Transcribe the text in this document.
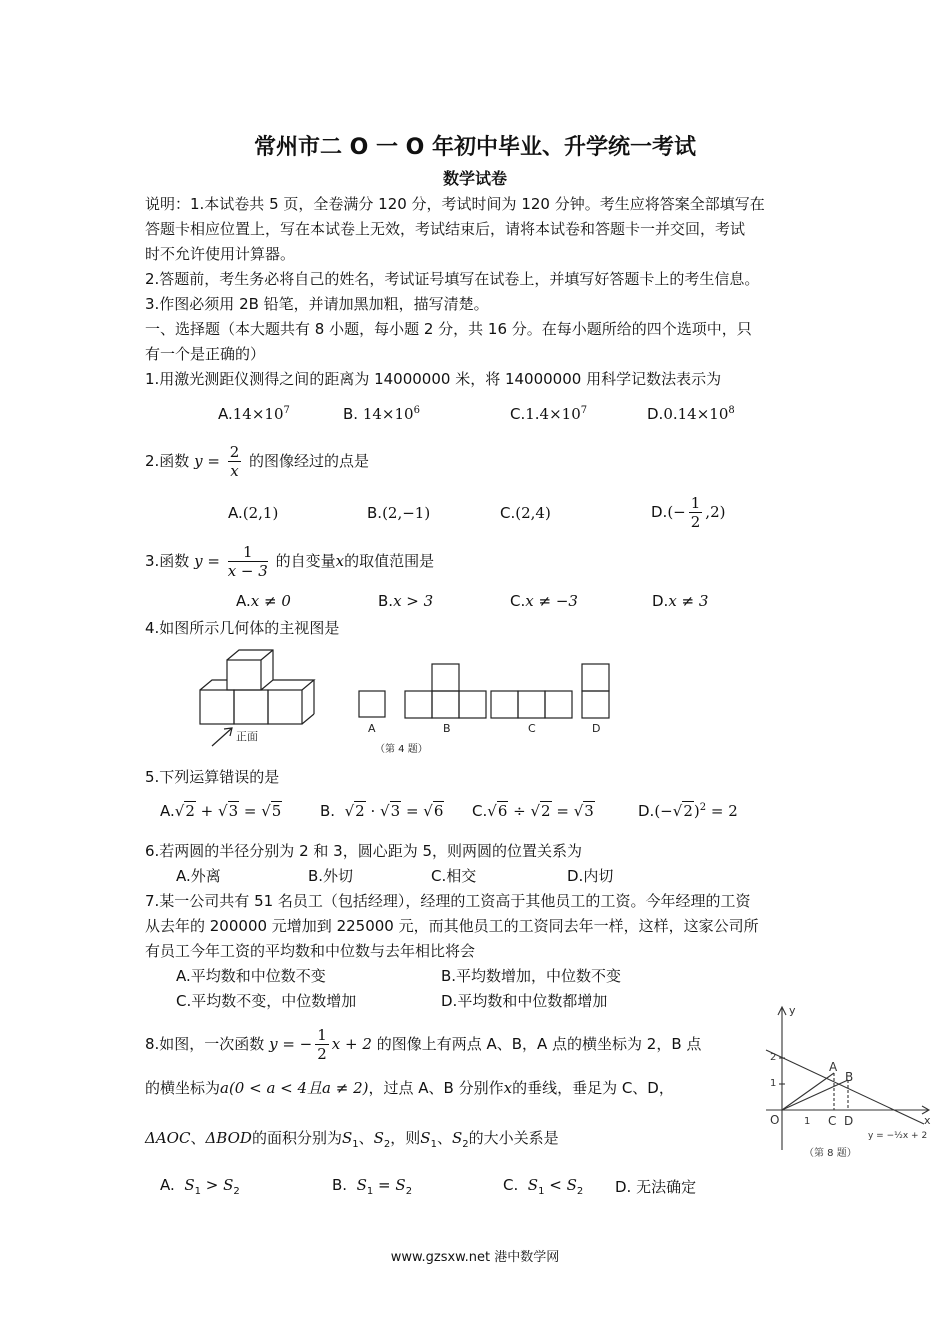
常州市二 O 一 O 年初中毕业、升学统一考试
数学试卷
说明：1.本试卷共 5 页，全卷满分 120 分，考试时间为 120 分钟。考生应将答案全部填写在
答题卡相应位置上，写在本试卷上无效，考试结束后，请将本试卷和答题卡一并交回，考试
时不允许使用计算器。
2.答题前，考生务必将自己的姓名，考试证号填写在试卷上，并填写好答题卡上的考生信息。
3.作图必须用 2B 铅笔，并请加黑加粗，描写清楚。
一、选择题（本大题共有 8 小题，每小题 2 分，共 16 分。在每小题所给的四个选项中，只
有一个是正确的）
1.用激光测距仪测得之间的距离为 14000000 米，将 14000000 用科学记数法表示为
$A.14\times 10^7$	B. $14\times 10^6$	$C.1.4\times 10^7$	$D.0.14\times 10^8$
2.函数 $y = \frac{2}{x}$ 的图像经过的点是
A.(2,1)	B.(2,−1)	C.(2,4)	$D.(- \frac{1}{2} ,2)$
3.函数 $y = \frac{1}{x - 3}$ 的自变量x的取值范围是
A.x ≠ 0	B.x > 3	C.x ≠ −3	D.x ≠ 3
4.如图所示几何体的主视图是
正面
A	B	C	D
（第 4 题）
5.下列运算错误的是
A.√2 + √3 = √5	B. √2 · √3 = √6 C.√6 ÷ √2 = √3	$D.(-√2)^2 = 2$
6.若两圆的半径分别为 2 和 3，圆心距为 5，则两圆的位置关系为
A.外离	B.外切	C.相交	D.内切
7.某一公司共有 51 名员工（包括经理），经理的工资高于其他员工的工资。今年经理的工资
从去年的 200000 元增加到 225000 元，而其他员工的工资同去年一样，这样，这家公司所
有员工今年工资的平均数和中位数与去年相比将会
A.平均数和中位数不变	B.平均数增加，中位数不变
C.平均数不变，中位数增加	D.平均数和中位数都增加
8.如图，一次函数 y = − $\frac{1}{2}$ x + 2 的图像上有两点 A、B，A 点的横坐标为 2，B 点
的横坐标为a(0 < a < 4且a ≠ 2)，过点 A、B 分别作x的垂线，垂足为 C、D，
ΔAOC、ΔBOD的面积分别为$S_1$、$S_2$，则$S_1$、$S_2$的大小关系是
A. $S_1 > S_2$	B. $S_1 = S_2$	C. $S_1 < S_2$ D. 无法确定
y
x
2
1
O 1 C D
A
B
y = −½x + 2
（第 8 题）
www.gzsxw.net 港中数学网
